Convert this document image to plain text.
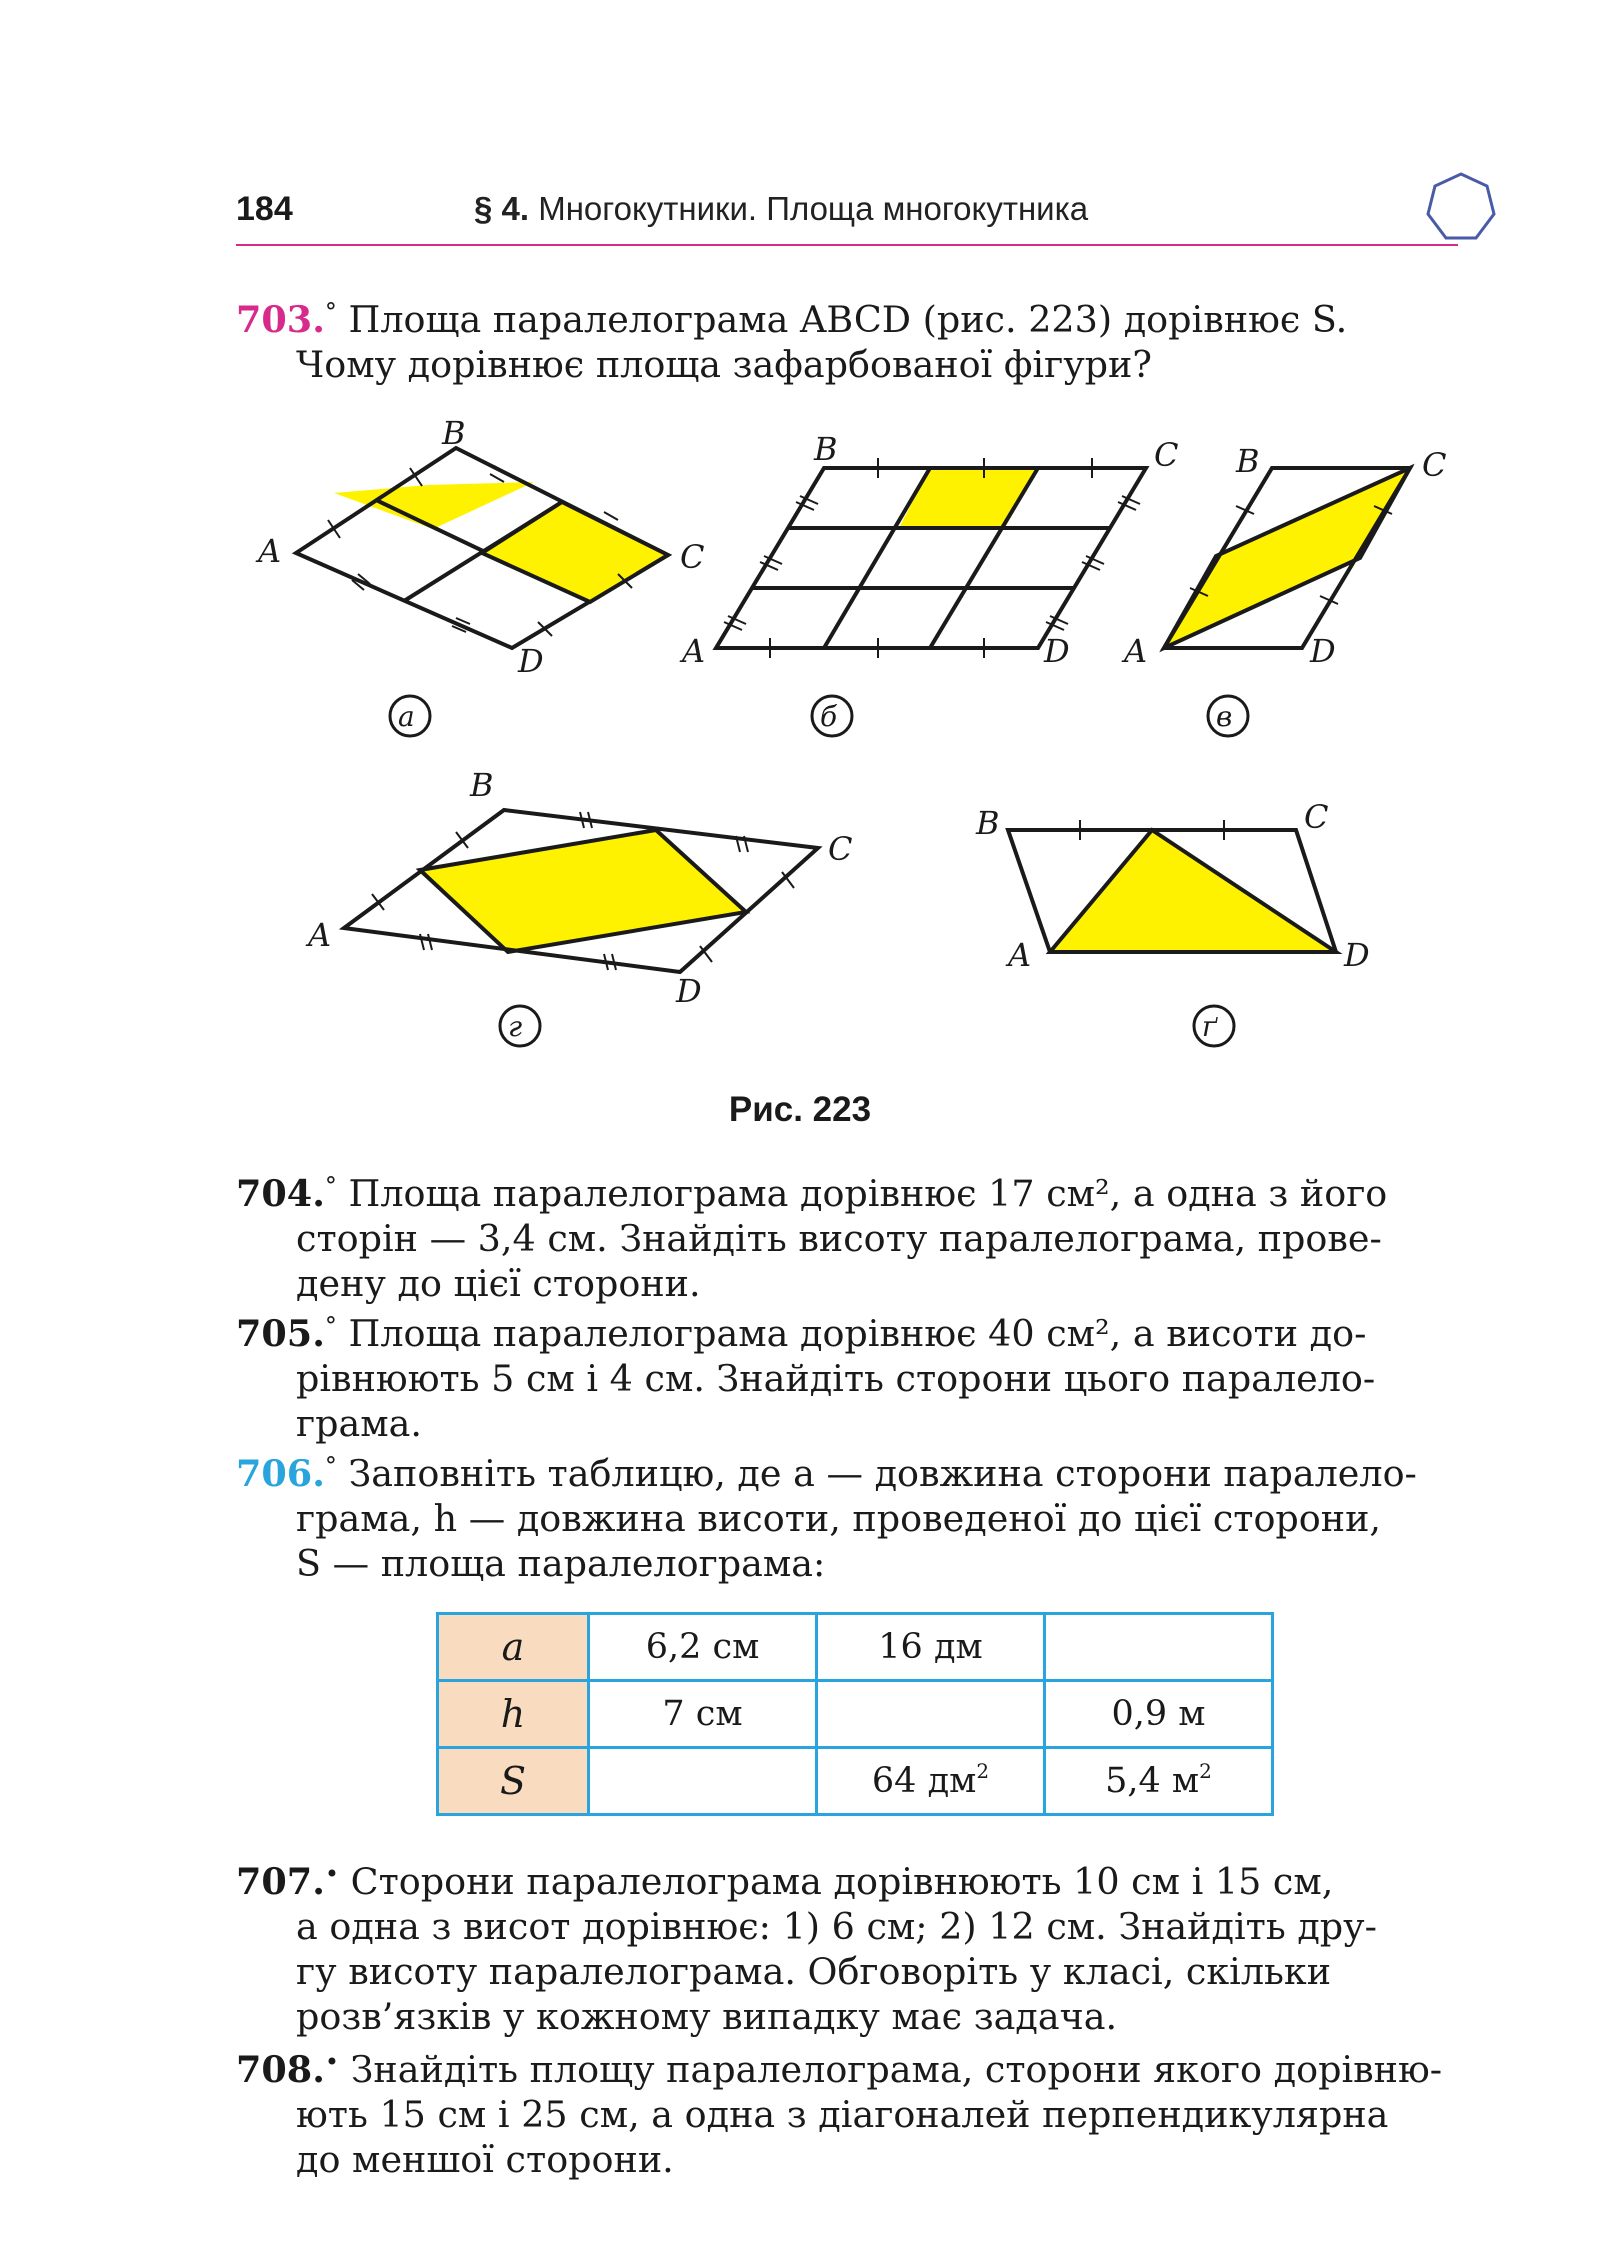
184	§ 4. Многокутники. Площа многокутника
703.° Площа паралелограма ABCD (рис. 223) дорівнює S.
Чому дорівнює площа зафарбованої фігури?
B
A	C
D
а
B	C
A	D
б
B	C
A	D
в
B
C
A
D
г
B	C
A	D
ґ
Рис. 223
704.° Площа паралелограма дорівнює 17 см², а одна з його
сторін — 3,4 см. Знайдіть висоту паралелограма, прове-
дену до цієї сторони.
705.° Площа паралелограма дорівнює 40 см², а висоти до-
рівнюють 5 см і 4 см. Знайдіть сторони цього паралело-
грама.
706.° Заповніть таблицю, де a — довжина сторони паралело-
грама, h — довжина висоти, проведеної до цієї сторони,
S — площа паралелограма:
a	6,2 см	16 дм	
h	7 см		0,9 м
S		64 $дм^2$	5,4 $м^2$
707.• Сторони паралелограма дорівнюють 10 см і 15 см,
а одна з висот дорівнює: 1) 6 см; 2) 12 см. Знайдіть дру-
гу висоту паралелограма. Обговоріть у класі, скільки
розв’язків у кожному випадку має задача.
708.• Знайдіть площу паралелограма, сторони якого дорівню-
ють 15 см і 25 см, а одна з діагоналей перпендикулярна
до меншої сторони.
